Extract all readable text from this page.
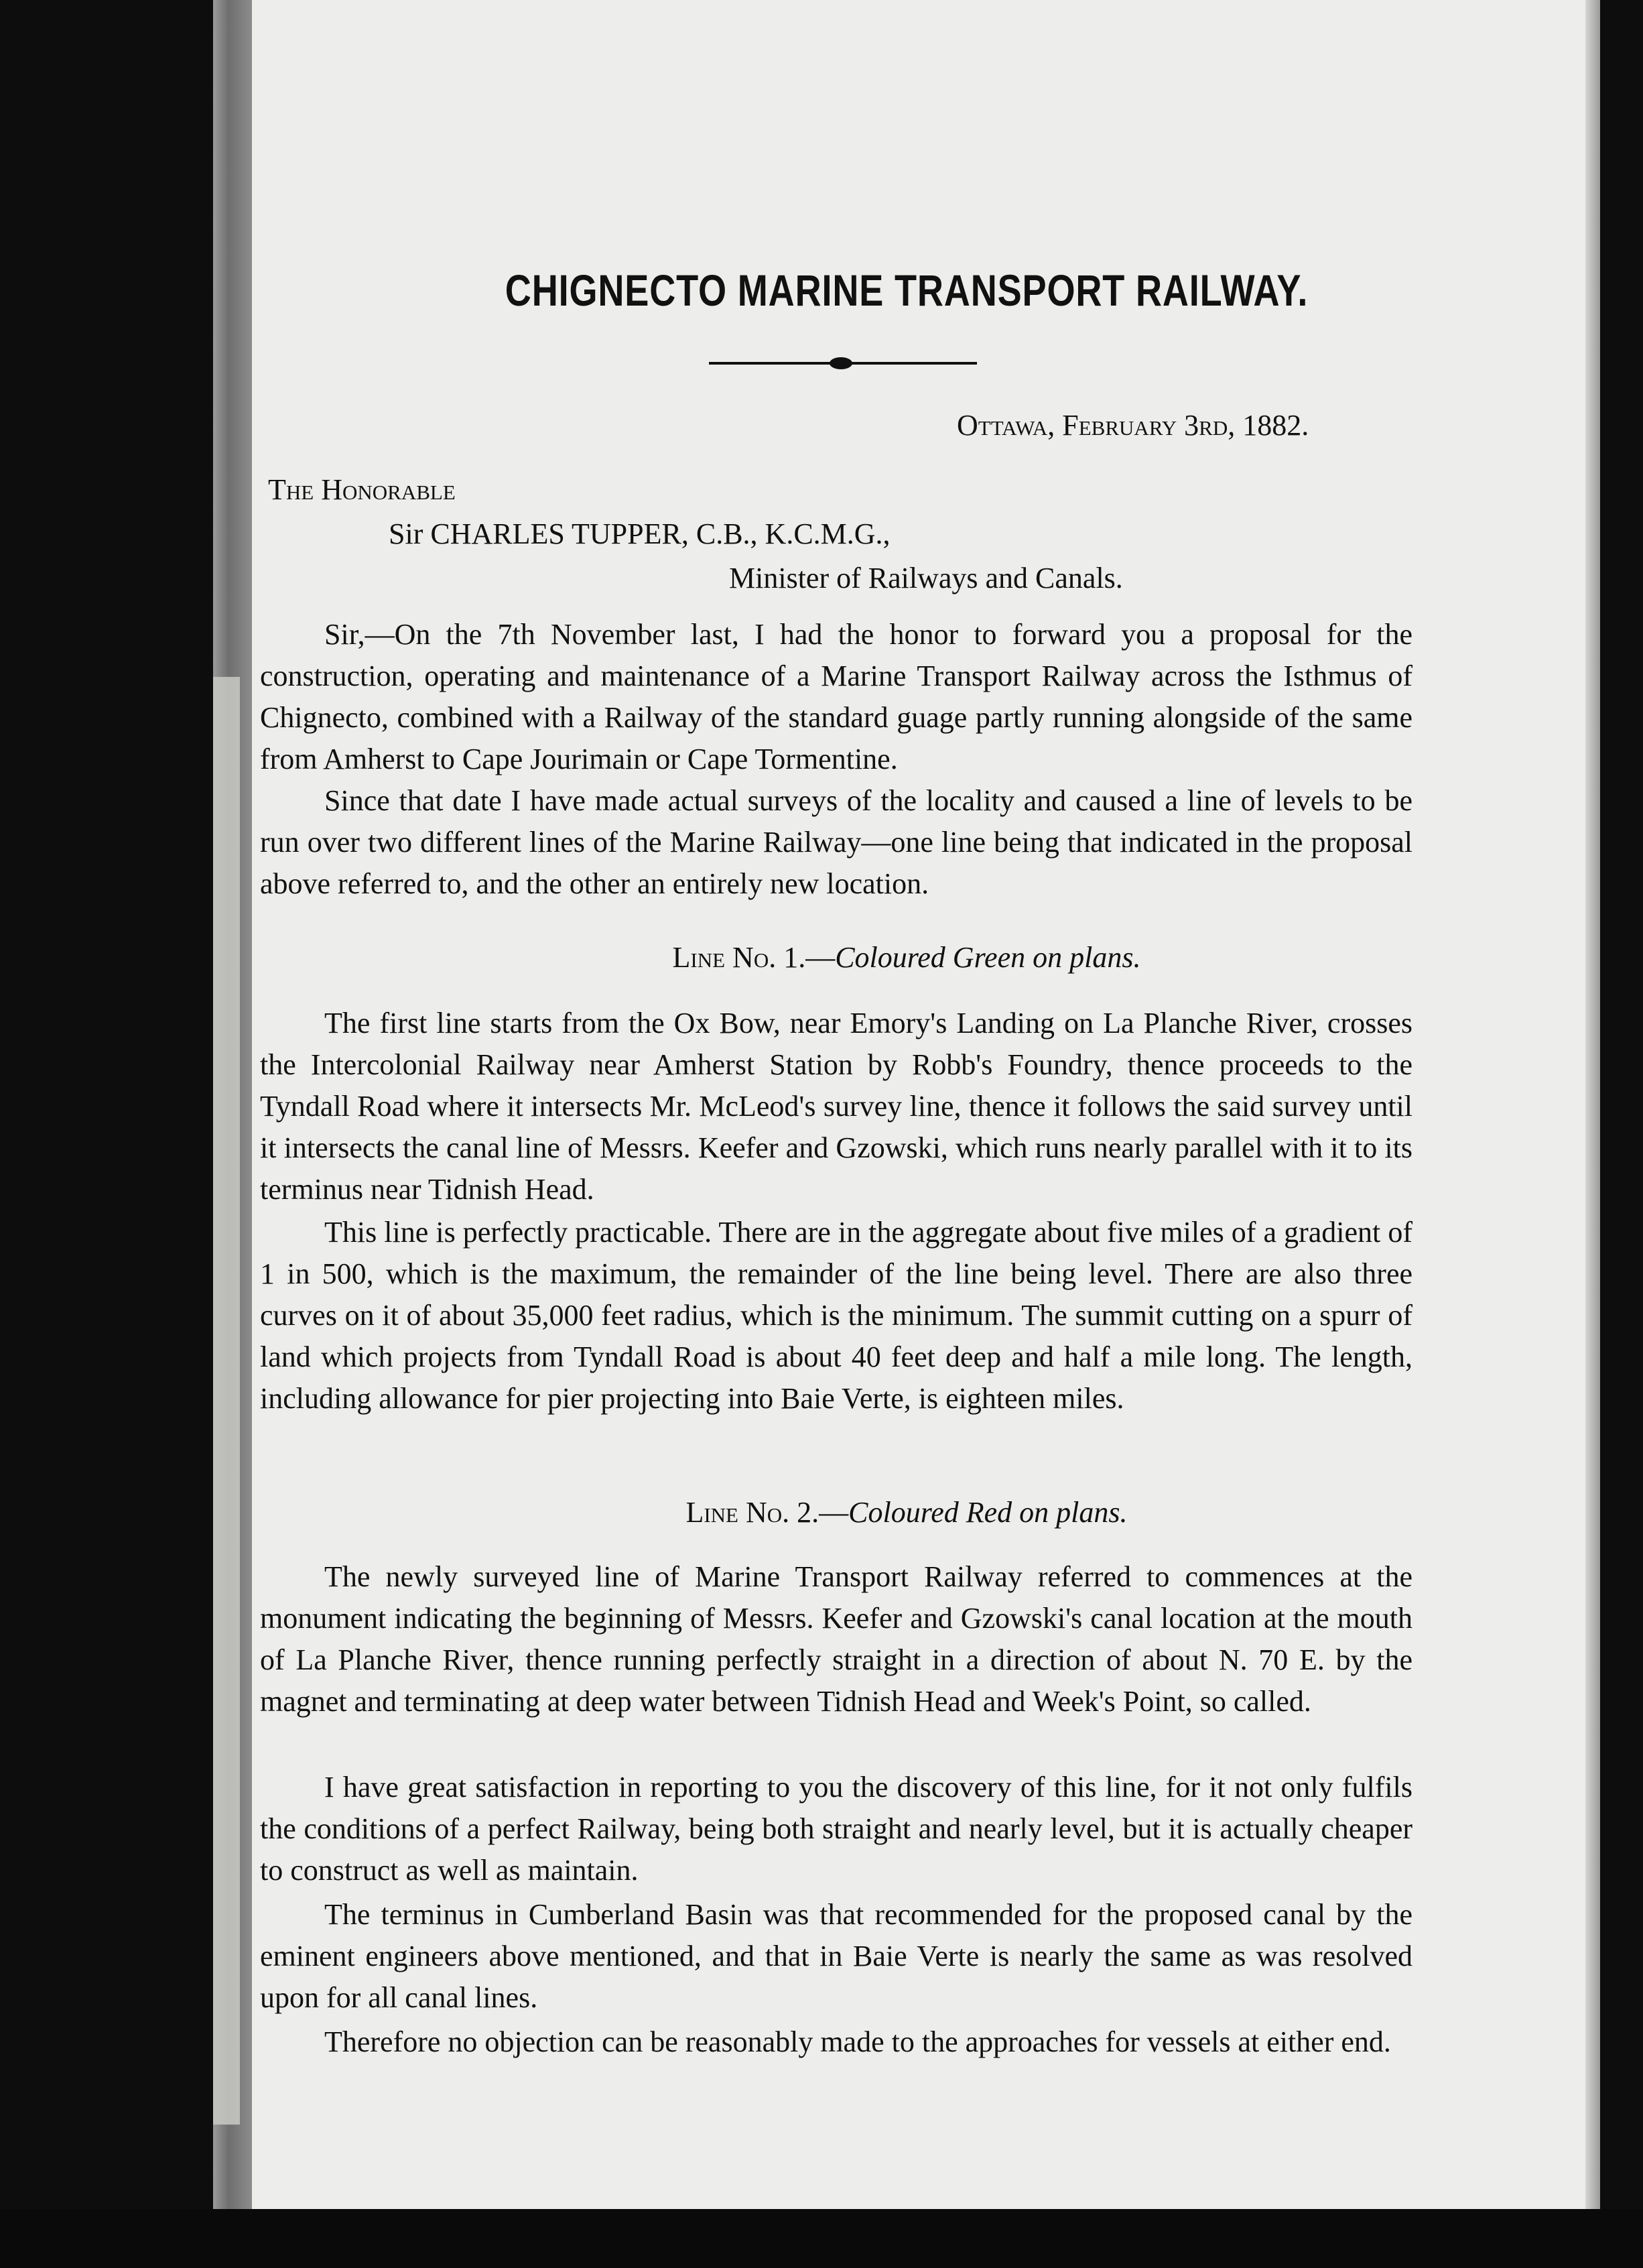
CHIGNECTO MARINE TRANSPORT RAILWAY.
Ottawa, February 3rd, 1882.
The Honorable
Sir CHARLES TUPPER, C.B., K.C.M.G.,
Minister of Railways and Canals.
Sir,—On the 7th November last, I had the honor to forward you a proposal for the construction, operating and maintenance of a Marine Transport Railway across the Isthmus of Chignecto, combined with a Railway of the standard guage partly running alongside of the same from Amherst to Cape Jourimain or Cape Tormentine.
Since that date I have made actual surveys of the locality and caused a line of levels to be run over two different lines of the Marine Railway—one line being that indicated in the proposal above referred to, and the other an entirely new location.
Line No. 1.—Coloured Green on plans.
The first line starts from the Ox Bow, near Emory's Landing on La Planche River, crosses the Intercolonial Railway near Amherst Station by Robb's Foundry, thence proceeds to the Tyndall Road where it intersects Mr. McLeod's survey line, thence it follows the said survey until it intersects the canal line of Messrs. Keefer and Gzowski, which runs nearly parallel with it to its terminus near Tidnish Head.
This line is perfectly practicable. There are in the aggregate about five miles of a gradient of 1 in 500, which is the maximum, the remainder of the line being level. There are also three curves on it of about 35,000 feet radius, which is the minimum. The summit cutting on a spurr of land which projects from Tyndall Road is about 40 feet deep and half a mile long. The length, including allowance for pier projecting into Baie Verte, is eighteen miles.
Line No. 2.—Coloured Red on plans.
The newly surveyed line of Marine Transport Railway referred to commences at the monument indicating the beginning of Messrs. Keefer and Gzowski's canal location at the mouth of La Planche River, thence running perfectly straight in a direction of about N. 70 E. by the magnet and terminating at deep water between Tidnish Head and Week's Point, so called.
I have great satisfaction in reporting to you the discovery of this line, for it not only fulfils the conditions of a perfect Railway, being both straight and nearly level, but it is actually cheaper to construct as well as maintain.
The terminus in Cumberland Basin was that recommended for the proposed canal by the eminent engineers above mentioned, and that in Baie Verte is nearly the same as was resolved upon for all canal lines.
Therefore no objection can be reasonably made to the approaches for vessels at either end.
